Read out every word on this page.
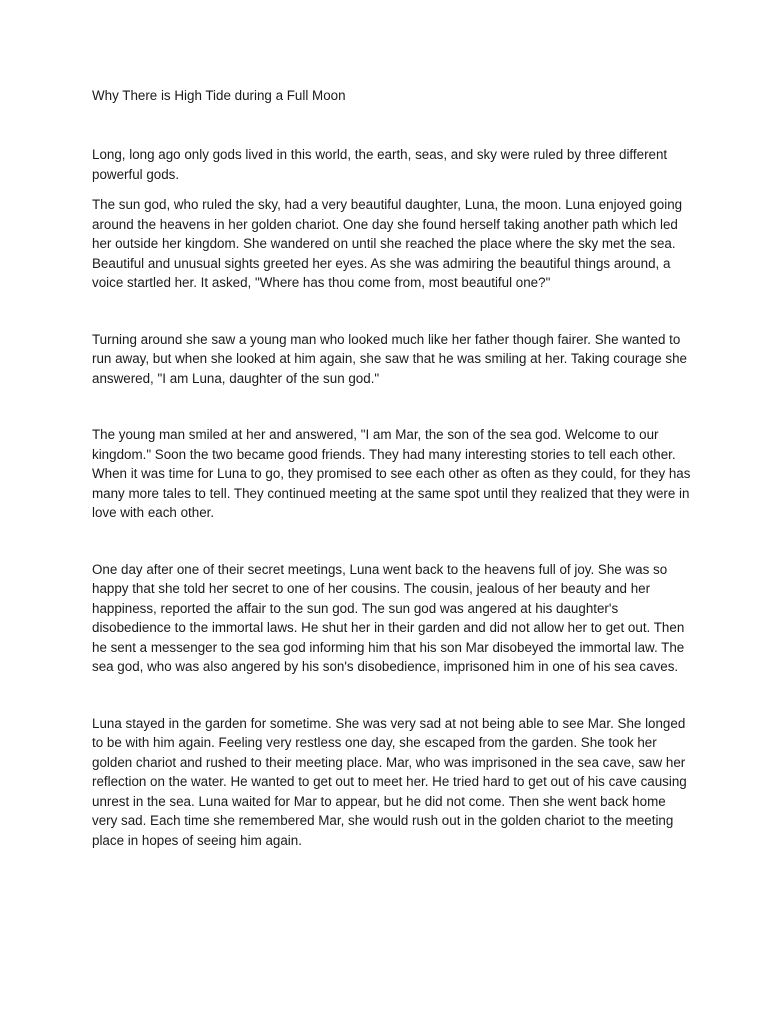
Why There is High Tide during a Full Moon

Long, long ago only gods lived in this world, the earth, seas, and sky were ruled by three different powerful gods.

The sun god, who ruled the sky, had a very beautiful daughter, Luna, the moon. Luna enjoyed going around the heavens in her golden chariot. One day she found herself taking another path which led her outside her kingdom. She wandered on until she reached the place where the sky met the sea. Beautiful and unusual sights greeted her eyes. As she was admiring the beautiful things around, a voice startled her. It asked, "Where has thou come from, most beautiful one?"

Turning around she saw a young man who looked much like her father though fairer. She wanted to run away, but when she looked at him again, she saw that he was smiling at her. Taking courage she answered, "I am Luna, daughter of the sun god."

The young man smiled at her and answered, "I am Mar, the son of the sea god. Welcome to our kingdom." Soon the two became good friends. They had many interesting stories to tell each other. When it was time for Luna to go, they promised to see each other as often as they could, for they has many more tales to tell. They continued meeting at the same spot until they realized that they were in love with each other.

One day after one of their secret meetings, Luna went back to the heavens full of joy. She was so happy that she told her secret to one of her cousins. The cousin, jealous of her beauty and her happiness, reported the affair to the sun god. The sun god was angered at his daughter's disobedience to the immortal laws. He shut her in their garden and did not allow her to get out. Then he sent a messenger to the sea god informing him that his son Mar disobeyed the immortal law. The sea god, who was also angered by his son's disobedience, imprisoned him in one of his sea caves.

Luna stayed in the garden for sometime. She was very sad at not being able to see Mar. She longed to be with him again. Feeling very restless one day, she escaped from the garden. She took her golden chariot and rushed to their meeting place. Mar, who was imprisoned in the sea cave, saw her reflection on the water. He wanted to get out to meet her. He tried hard to get out of his cave causing unrest in the sea. Luna waited for Mar to appear, but he did not come. Then she went back home very sad. Each time she remembered Mar, she would rush out in the golden chariot to the meeting place in hopes of seeing him again.
